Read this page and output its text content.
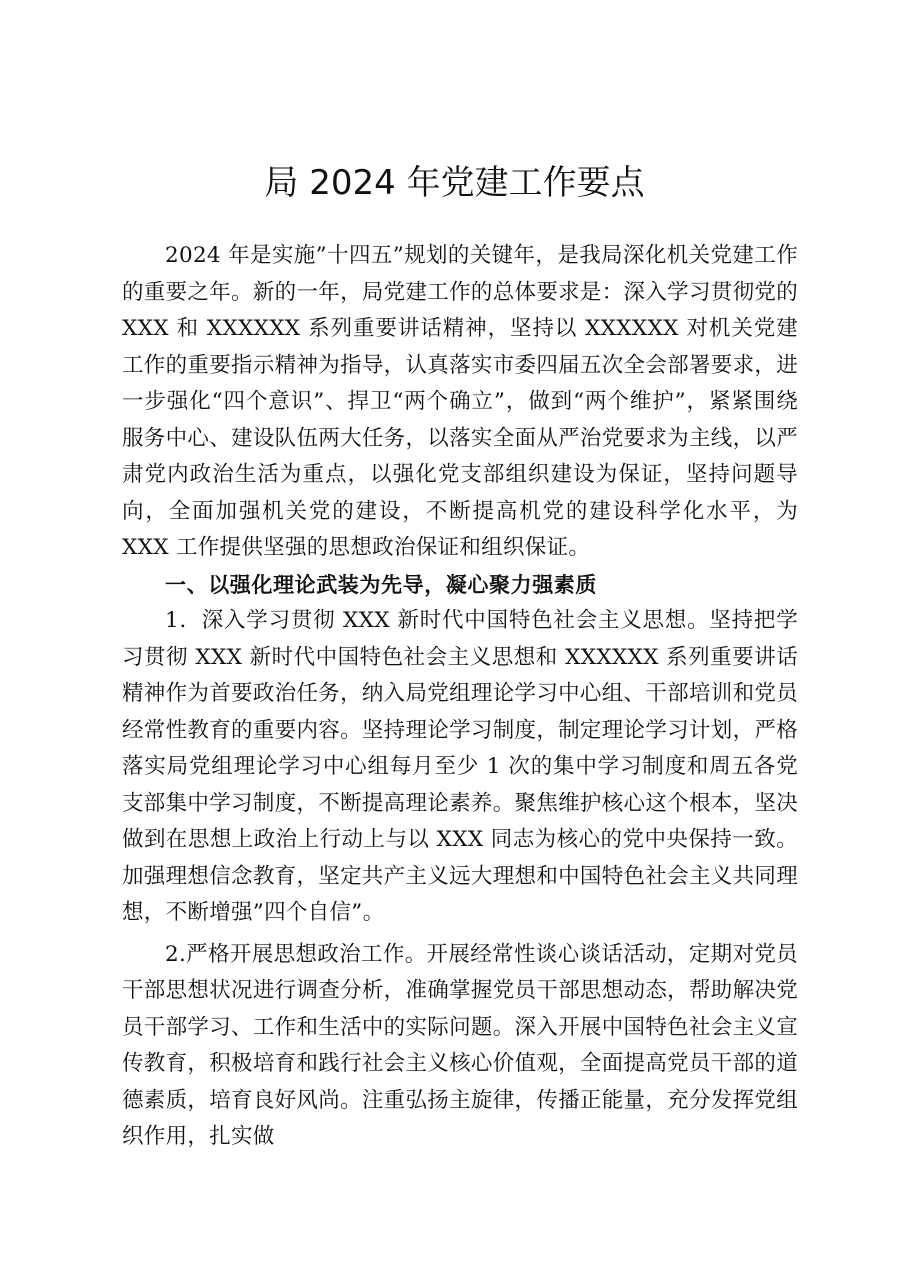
局 2024 年党建工作要点

2024 年是实施”十四五”规划的关键年，是我局深化机关党建工作的重要之年。新的一年，局党建工作的总体要求是：深入学习贯彻党的 XXX 和 XXXXXX 系列重要讲话精神，坚持以 XXXXXX 对机关党建工作的重要指示精神为指导，认真落实市委四届五次全会部署要求，进一步强化“四个意识”、捍卫“两个确立”，做到“两个维护”，紧紧围绕服务中心、建设队伍两大任务，以落实全面从严治党要求为主线，以严肃党内政治生活为重点，以强化党支部组织建设为保证，坚持问题导向，全面加强机关党的建设，不断提高机党的建设科学化水平，为 XXX 工作提供坚强的思想政治保证和组织保证。

一、以强化理论武装为先导，凝心聚力强素质

1．深入学习贯彻 XXX 新时代中国特色社会主义思想。坚持把学习贯彻 XXX 新时代中国特色社会主义思想和 XXXXXX 系列重要讲话精神作为首要政治任务，纳入局党组理论学习中心组、干部培训和党员经常性教育的重要内容。坚持理论学习制度，制定理论学习计划，严格落实局党组理论学习中心组每月至少 1 次的集中学习制度和周五各党支部集中学习制度，不断提高理论素养。聚焦维护核心这个根本，坚决做到在思想上政治上行动上与以 XXX 同志为核心的党中央保持一致。加强理想信念教育，坚定共产主义远大理想和中国特色社会主义共同理想，不断增强”四个自信”。

2.严格开展思想政治工作。开展经常性谈心谈话活动，定期对党员干部思想状况进行调查分析，准确掌握党员干部思想动态，帮助解决党员干部学习、工作和生活中的实际问题。深入开展中国特色社会主义宣传教育，积极培育和践行社会主义核心价值观，全面提高党员干部的道德素质，培育良好风尚。注重弘扬主旋律，传播正能量，充分发挥党组织作用，扎实做
